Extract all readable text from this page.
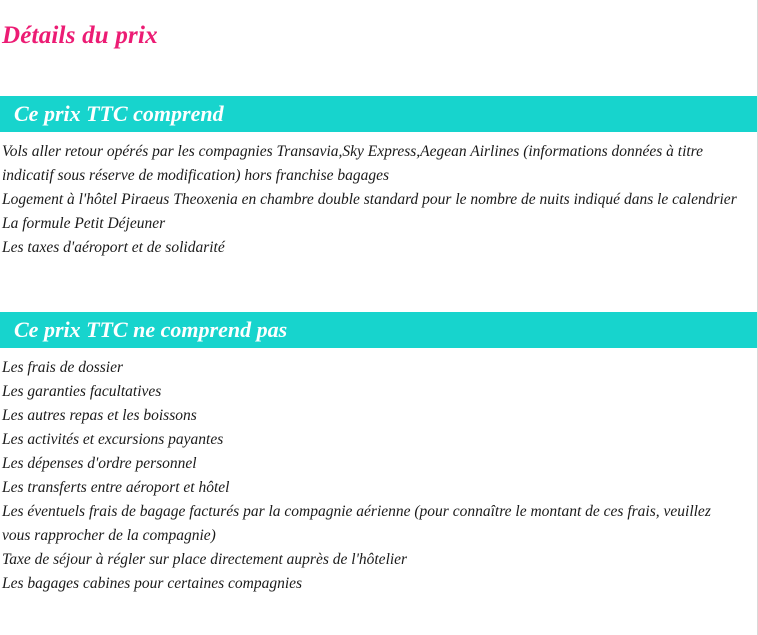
Détails du prix
Ce prix TTC comprend

Vols aller retour opérés par les compagnies Transavia,Sky Express,Aegean Airlines (informations données à titre indicatif sous réserve de modification) hors franchise bagages

Logement à l'hôtel Piraeus Theoxenia en chambre double standard pour le nombre de nuits indiqué dans le calendrier

La formule Petit Déjeuner

Les taxes d'aéroport et de solidarité

Ce prix TTC ne comprend pas

Les frais de dossier

Les garanties facultatives

Les autres repas et les boissons

Les activités et excursions payantes

Les dépenses d'ordre personnel

Les transferts entre aéroport et hôtel

Les éventuels frais de bagage facturés par la compagnie aérienne (pour connaître le montant de ces frais, veuillez vous rapprocher de la compagnie)

Taxe de séjour à régler sur place directement auprès de l'hôtelier

Les bagages cabines pour certaines compagnies
